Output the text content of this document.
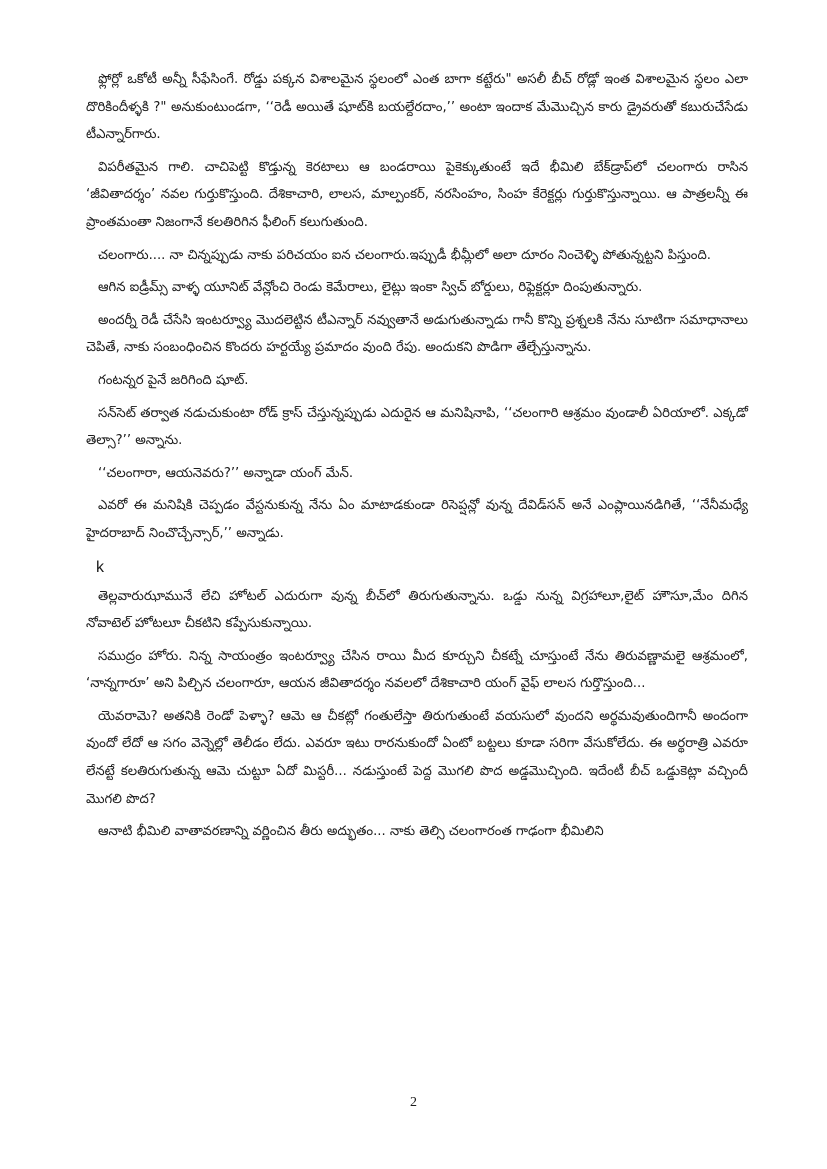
ఫ్లోర్లో ఒకోటీ అన్నీ సీఫేసింగే. రోడ్డు పక్కన విశాలమైన స్థలంలో ఎంత బాగా కట్టేరు" అసలీ బీచ్ రోడ్లో ఇంత విశాలమైన స్థలం ఎలా దొరికిందీళ్ళకి ?" అనుకుంటుండగా, ‘‘రెడీ అయితే షూట్‌కి బయల్దేరదాం,’’ అంటా ఇందాక మేమొచ్చిన కారు డ్రైవరుతో కబురుచేసేడు టీఎన్నార్‌గారు.

విపరీతమైన గాలి. చాచిపెట్టి కొడ్తున్న కెరటాలు ఆ బండరాయి పైకెక్కుతుంటే ఇదే భీమిలి బేక్‌డ్రాప్‌లో చలంగారు రాసిన ‘జీవితాదర్శం’ నవల గుర్తుకొస్తుంది. దేశికాచారి, లాలస, మాల్పంకర్, నరసింహం, సింహ కేరెక్టర్లు గుర్తుకొస్తున్నాయి. ఆ పాత్రలన్నీ ఈ ప్రాంతమంతా నిజంగానే కలతిరిగిన ఫీలింగ్ కలుగుతుంది.

చలంగారు.... నా చిన్నప్పుడు నాకు పరిచయం ఐన చలంగారు.ఇప్పుడీ భీమ్లీలో అలా దూరం నించెళ్ళి పోతున్నట్టని పిస్తుంది.

ఆగిన ఐడ్రీమ్స్ వాళ్ళ యూనిట్ వేన్లోంచి రెండు కెమేరాలు, లైట్లు ఇంకా స్విచ్ బోర్డులు, రిఫ్లెక్టర్లూ దింపుతున్నారు.

అందర్నీ రెడీ చేసేసి ఇంటర్వ్యూ మొదలెట్టిన టీఎన్నార్ నవ్వుతానే అడుగుతున్నాడు గానీ కొన్ని ప్రశ్నలకి నేను సూటిగా సమాధానాలు చెపితే, నాకు సంబంధించిన కొందరు హర్టయ్యే ప్రమాదం వుంది రేపు. అందుకని పొడిగా తేల్చేస్తున్నాను.

గంటన్నర పైనే జరిగింది షూట్.

సన్‌సెట్ తర్వాత నడుచుకుంటా రోడ్ క్రాస్ చేస్తున్నప్పుడు ఎదురైన ఆ మనిషినాపి, ‘‘చలంగారి ఆశ్రమం వుండాలీ ఏరియాలో. ఎక్కడో తెల్సా?’’ అన్నాను.

‘‘చలంగారా, ఆయనెవరు?’’ అన్నాడా యంగ్ మేన్.

ఎవరో ఈ మనిషికి చెప్పడం వేస్టనుకున్న నేను ఏం మాటాడకుండా రిసెప్షన్లో వున్న దేవిడ్‌సన్ అనే ఎంప్లాయినడిగితే, ‘‘నేనీమధ్యే హైదరాబాద్ నించొచ్చేన్సార్,’’ అన్నాడు.

k

తెల్లవారుఝామునే లేచి హోటల్ ఎదురుగా వున్న బీచ్‌లో తిరుగుతున్నాను. ఒడ్డు నున్న విగ్రహాలూ,లైట్ హౌసూ,మేం దిగిన నోవాటెల్ హోటలూ చీకటిని కప్పేసుకున్నాయి.

సముద్రం హోరు. నిన్న సాయంత్రం ఇంటర్వ్యూ చేసిన రాయి మీద కూర్చుని చీకట్నే చూస్తుంటే నేను తిరువణ్ణామలై ఆశ్రమంలో, ‘నాన్నగారూ’ అని పిల్చిన చలంగారూ, ఆయన జీవితాదర్శం నవలలో దేశికాచారి యంగ్ వైఫ్ లాలస గుర్తొస్తుంది...

యెవరామె? అతనికి రెండో పెళ్ళా? ఆమె ఆ చీకట్లో గంతులేస్తా తిరుగుతుంటే వయసులో వుందని అర్థమవుతుందిగానీ అందంగా వుందో లేదో ఆ సగం వెన్నెల్లో తెలీడం లేదు. ఎవరూ ఇటు రారనుకుందో ఏంటో బట్టలు కూడా సరిగా వేసుకోలేదు. ఈ అర్థరాత్రి ఎవరూ లేనట్టే కలతిరుగుతున్న ఆమె చుట్టూ ఏదో మిస్టరీ... నడుస్తుంటే పెద్ద మొగలి పొద అడ్డమొచ్చింది. ఇదేంటీ బీచ్ ఒడ్డుకెట్లా వచ్చిందీ మొగలి పొద?

ఆనాటి భీమిలి వాతావరణాన్ని వర్ణించిన తీరు అద్భుతం... నాకు తెల్సి చలంగారంత గాఢంగా భీమిలిని

2
